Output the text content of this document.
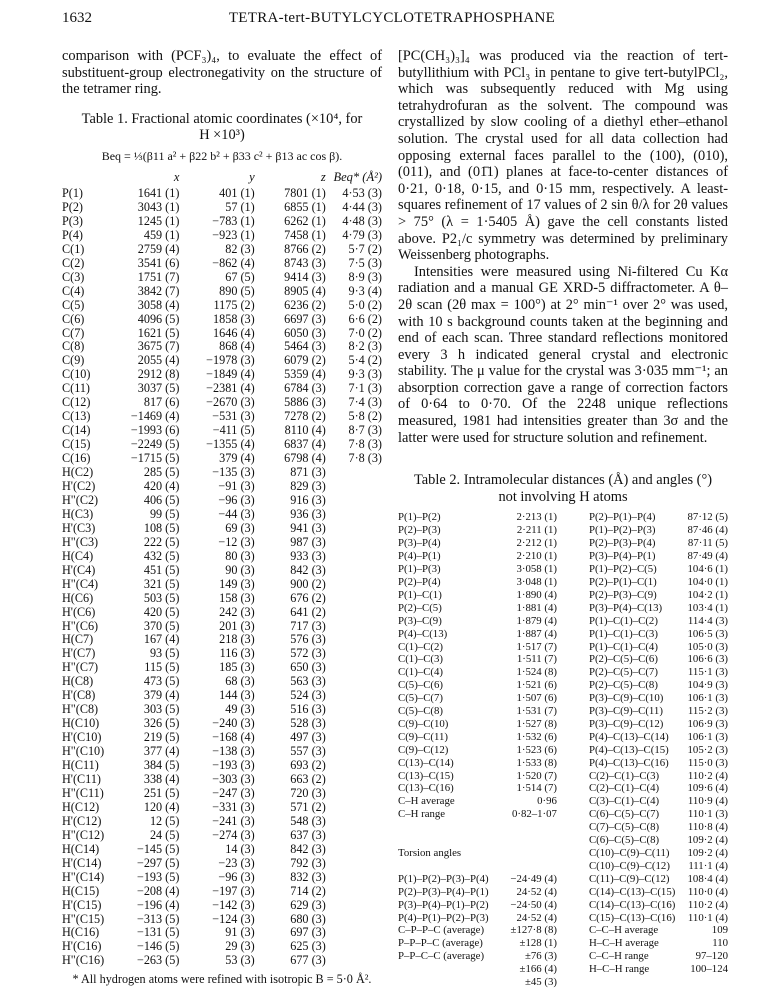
1632	TETRA-tert-BUTYLCYCLOTETRAPHOSPHANE

comparison with (PCF₃)₄, to evaluate the effect of substituent-group electronegativity on the structure of the tetramer ring.

Table 1. Fractional atomic coordinates (×10⁴, for
H ×10³)

Beq = ⅓(β11 a² + β22 b² + β33 c² + β13 ac cos β).
	x	y	z	Beq* (Å²)
P(1)	1641 (1)	401 (1)	7801 (1)	4·53 (3)
P(2)	3043 (1)	57 (1)	6855 (1)	4·44 (3)
P(3)	1245 (1)	−783 (1)	6262 (1)	4·48 (3)
P(4)	459 (1)	−923 (1)	7458 (1)	4·79 (3)
C(1)	2759 (4)	82 (3)	8766 (2)	5·7 (2)
C(2)	3541 (6)	−862 (4)	8743 (3)	7·5 (3)
C(3)	1751 (7)	67 (5)	9414 (3)	8·9 (3)
C(4)	3842 (7)	890 (5)	8905 (4)	9·3 (4)
C(5)	3058 (4)	1175 (2)	6236 (2)	5·0 (2)
C(6)	4096 (5)	1858 (3)	6697 (3)	6·6 (2)
C(7)	1621 (5)	1646 (4)	6050 (3)	7·0 (2)
C(8)	3675 (7)	868 (4)	5464 (3)	8·2 (3)
C(9)	2055 (4)	−1978 (3)	6079 (2)	5·4 (2)
C(10)	2912 (8)	−1849 (4)	5359 (4)	9·3 (3)
C(11)	3037 (5)	−2381 (4)	6784 (3)	7·1 (3)
C(12)	817 (6)	−2670 (3)	5886 (3)	7·4 (3)
C(13)	−1469 (4)	−531 (3)	7278 (2)	5·8 (2)
C(14)	−1993 (6)	−411 (5)	8110 (4)	8·7 (3)
C(15)	−2249 (5)	−1355 (4)	6837 (4)	7·8 (3)
C(16)	−1715 (5)	379 (4)	6798 (4)	7·8 (3)
H(C2)	285 (5)	−135 (3)	871 (3)	
H'(C2)	420 (4)	−91 (3)	829 (3)	
H"(C2)	406 (5)	−96 (3)	916 (3)	
H(C3)	99 (5)	−44 (3)	936 (3)	
H'(C3)	108 (5)	69 (3)	941 (3)	
H"(C3)	222 (5)	−12 (3)	987 (3)	
H(C4)	432 (5)	80 (3)	933 (3)	
H'(C4)	451 (5)	90 (3)	842 (3)	
H"(C4)	321 (5)	149 (3)	900 (2)	
H(C6)	503 (5)	158 (3)	676 (2)	
H'(C6)	420 (5)	242 (3)	641 (2)	
H"(C6)	370 (5)	201 (3)	717 (3)	
H(C7)	167 (4)	218 (3)	576 (3)	
H'(C7)	93 (5)	116 (3)	572 (3)	
H"(C7)	115 (5)	185 (3)	650 (3)	
H(C8)	473 (5)	68 (3)	563 (3)	
H'(C8)	379 (4)	144 (3)	524 (3)	
H"(C8)	303 (5)	49 (3)	516 (3)	
H(C10)	326 (5)	−240 (3)	528 (3)	
H'(C10)	219 (5)	−168 (4)	497 (3)	
H"(C10)	377 (4)	−138 (3)	557 (3)	
H(C11)	384 (5)	−193 (3)	693 (2)	
H'(C11)	338 (4)	−303 (3)	663 (2)	
H"(C11)	251 (5)	−247 (3)	720 (3)	
H(C12)	120 (4)	−331 (3)	571 (2)	
H'(C12)	12 (5)	−241 (3)	548 (3)	
H"(C12)	24 (5)	−274 (3)	637 (3)	
H(C14)	−145 (5)	14 (3)	842 (3)	
H'(C14)	−297 (5)	−23 (3)	792 (3)	
H"(C14)	−193 (5)	−96 (3)	832 (3)	
H(C15)	−208 (4)	−197 (3)	714 (2)	
H'(C15)	−196 (4)	−142 (3)	629 (3)	
H"(C15)	−313 (5)	−124 (3)	680 (3)	
H(C16)	−131 (5)	91 (3)	697 (3)	
H'(C16)	−146 (5)	29 (3)	625 (3)	
H"(C16)	−263 (5)	53 (3)	677 (3)	
* All hydrogen atoms were refined with isotropic B = 5·0 Å².

[PC(CH₃)₃]₄ was produced via the reaction of tert-butyllithium with PCl₃ in pentane to give tert-butylPCl₂, which was subsequently reduced with Mg using tetrahydrofuran as the solvent. The compound was crystallized by slow cooling of a diethyl ether–ethanol solution. The crystal used for all data collection had opposing external faces parallel to the (100), (010), (011), and (01̄1) planes at face-to-center distances of 0·21, 0·18, 0·15, and 0·15 mm, respectively. A least-squares refinement of 17 values of 2 sin θ/λ for 2θ values > 75° (λ = 1·5405 Å) gave the cell constants listed above. P2₁/c symmetry was determined by preliminary Weissenberg photographs.

Intensities were measured using Ni-filtered Cu Kα radiation and a manual GE XRD-5 diffractometer. A θ–2θ scan (2θ max = 100°) at 2° min⁻¹ over 2° was used, with 10 s background counts taken at the beginning and end of each scan. Three standard reflections monitored every 3 h indicated general crystal and electronic stability. The μ value for the crystal was 3·035 mm⁻¹; an absorption correction gave a range of correction factors of 0·64 to 0·70. Of the 2248 unique reflections measured, 1981 had intensities greater than 3σ and the latter were used for structure solution and refinement.

Table 2. Intramolecular distances (Å) and angles (°)
not involving H atoms

P(1)–P(2)	2·213 (1)	P(2)–P(1)–P(4)	87·12 (5)
P(2)–P(3)	2·211 (1)	P(1)–P(2)–P(3)	87·46 (4)
P(3)–P(4)	2·212 (1)	P(2)–P(3)–P(4)	87·11 (5)
P(4)–P(1)	2·210 (1)	P(3)–P(4)–P(1)	87·49 (4)
P(1)–P(3)	3·058 (1)	P(1)–P(2)–C(5)	104·6 (1)
P(2)–P(4)	3·048 (1)	P(2)–P(1)–C(1)	104·0 (1)
P(1)–C(1)	1·890 (4)	P(2)–P(3)–C(9)	104·2 (1)
P(2)–C(5)	1·881 (4)	P(3)–P(4)–C(13)	103·4 (1)
P(3)–C(9)	1·879 (4)	P(1)–C(1)–C(2)	114·4 (3)
P(4)–C(13)	1·887 (4)	P(1)–C(1)–C(3)	106·5 (3)
C(1)–C(2)	1·517 (7)	P(1)–C(1)–C(4)	105·0 (3)
C(1)–C(3)	1·511 (7)	P(2)–C(5)–C(6)	106·6 (3)
C(1)–C(4)	1·524 (8)	P(2)–C(5)–C(7)	115·1 (3)
C(5)–C(6)	1·521 (6)	P(2)–C(5)–C(8)	104·9 (3)
C(5)–C(7)	1·507 (6)	P(3)–C(9)–C(10)	106·1 (3)
C(5)–C(8)	1·531 (7)	P(3)–C(9)–C(11)	115·2 (3)
C(9)–C(10)	1·527 (8)	P(3)–C(9)–C(12)	106·9 (3)
C(9)–C(11)	1·532 (6)	P(4)–C(13)–C(14)	106·1 (3)
C(9)–C(12)	1·523 (6)	P(4)–C(13)–C(15)	105·2 (3)
C(13)–C(14)	1·533 (8)	P(4)–C(13)–C(16)	115·0 (3)
C(13)–C(15)	1·520 (7)	C(2)–C(1)–C(3)	110·2 (4)
C(13)–C(16)	1·514 (7)	C(2)–C(1)–C(4)	109·6 (4)
C–H average	0·96	C(3)–C(1)–C(4)	110·9 (4)
C–H range	0·82–1·07	C(6)–C(5)–C(7)	110·1 (3)
		C(7)–C(5)–C(8)	110·8 (4)
		C(6)–C(5)–C(8)	109·2 (4)
Torsion angles		C(10)–C(9)–C(11)	109·2 (4)
		C(10)–C(9)–C(12)	111·1 (4)
P(1)–P(2)–P(3)–P(4)	−24·49 (4)	C(11)–C(9)–C(12)	108·4 (4)
P(2)–P(3)–P(4)–P(1)	24·52 (4)	C(14)–C(13)–C(15)	110·0 (4)
P(3)–P(4)–P(1)–P(2)	−24·50 (4)	C(14)–C(13)–C(16)	110·2 (4)
P(4)–P(1)–P(2)–P(3)	24·52 (4)	C(15)–C(13)–C(16)	110·1 (4)
C–P–P–C (average)	±127·8 (8)	C–C–H average	109
P–P–P–C (average)	±128 (1)	H–C–H average	110
P–P–C–C (average)	±76 (3)	C–C–H range	97–120
	±166 (4)	H–C–H range	100–124
	±45 (3)		
